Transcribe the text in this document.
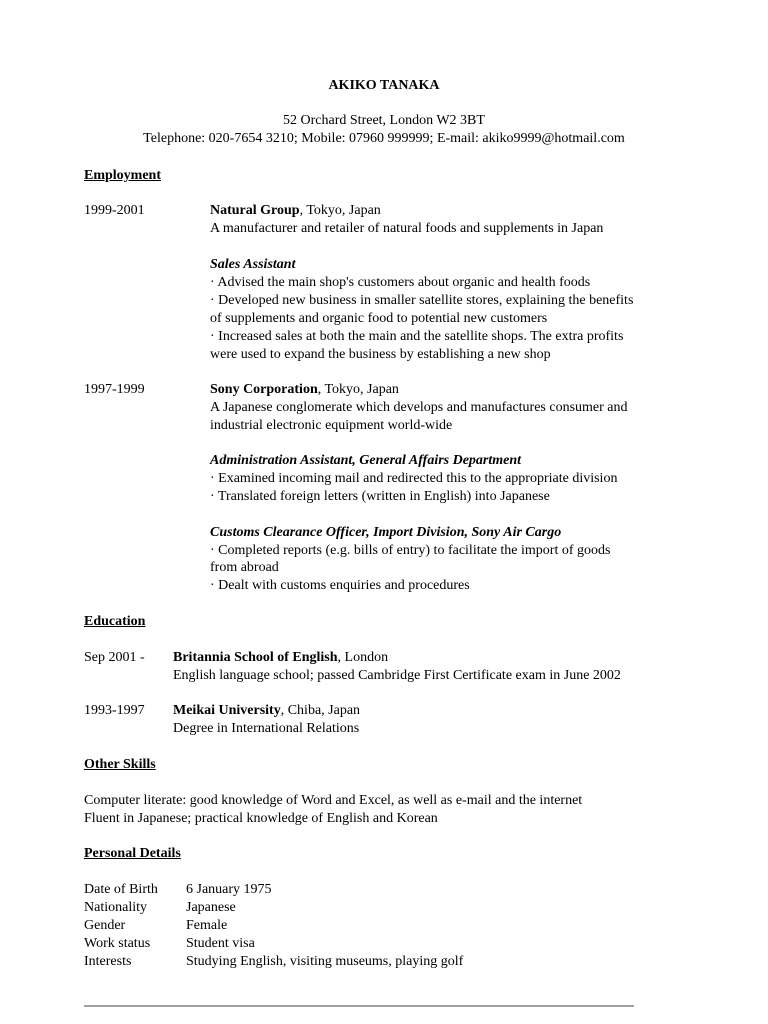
AKIKO TANAKA
52 Orchard Street, London W2 3BT
Telephone: 020-7654 3210; Mobile: 07960 999999; E-mail: akiko9999@hotmail.com
Employment
1999-2001	Natural Group, Tokyo, Japan
A manufacturer and retailer of natural foods and supplements in Japan
Sales Assistant
· Advised the main shop's customers about organic and health foods
· Developed new business in smaller satellite stores, explaining the benefits
of supplements and organic food to potential new customers
· Increased sales at both the main and the satellite shops. The extra profits
were used to expand the business by establishing a new shop
1997-1999	Sony Corporation, Tokyo, Japan
A Japanese conglomerate which develops and manufactures consumer and
industrial electronic equipment world-wide
Administration Assistant, General Affairs Department
· Examined incoming mail and redirected this to the appropriate division
· Translated foreign letters (written in English) into Japanese
Customs Clearance Officer, Import Division, Sony Air Cargo
· Completed reports (e.g. bills of entry) to facilitate the import of goods
from abroad
· Dealt with customs enquiries and procedures
Education
Sep 2001 - Britannia School of English, London
English language school; passed Cambridge First Certificate exam in June 2002
1993-1997 Meikai University, Chiba, Japan
Degree in International Relations
Other Skills
Computer literate: good knowledge of Word and Excel, as well as e-mail and the internet
Fluent in Japanese; practical knowledge of English and Korean
Personal Details
Date of Birth 6 January 1975
Nationality	Japanese
Gender	Female
Work status	Student visa
Interests	Studying English, visiting museums, playing golf
